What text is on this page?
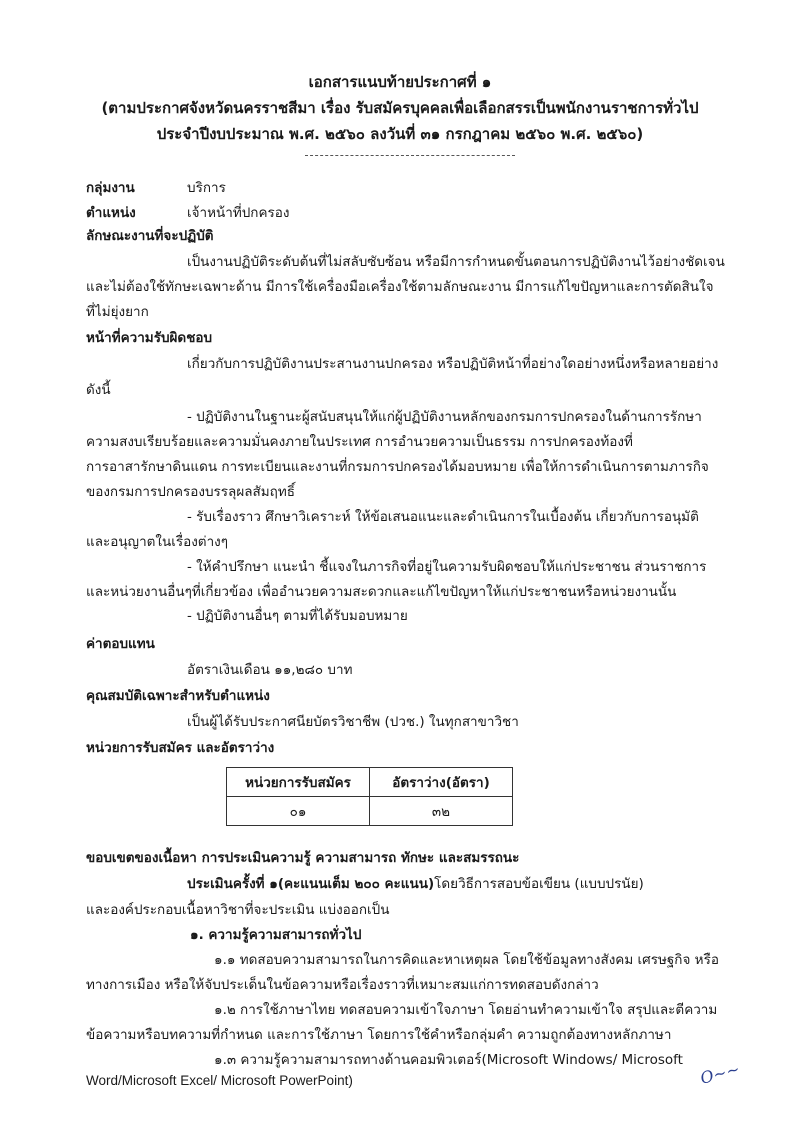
เอกสารแนบท้ายประกาศที่ ๑
(ตามประกาศจังหวัดนครราชสีมา เรื่อง รับสมัครบุคคลเพื่อเลือกสรรเป็นพนักงานราชการทั่วไป
ประจำปีงบประมาณ พ.ศ. ๒๕๖๐ ลงวันที่ ๓๑ กรกฎาคม ๒๕๖๐ พ.ศ. ๒๕๖๐)
กลุ่มงาน	บริการ
ตำแหน่ง	เจ้าหน้าที่ปกครอง
ลักษณะงานที่จะปฏิบัติ
เป็นงานปฏิบัติระดับต้นที่ไม่สลับซับซ้อน หรือมีการกำหนดขั้นตอนการปฏิบัติงานไว้อย่างชัดเจน
และไม่ต้องใช้ทักษะเฉพาะด้าน มีการใช้เครื่องมือเครื่องใช้ตามลักษณะงาน มีการแก้ไขปัญหาและการตัดสินใจ
ที่ไม่ยุ่งยาก
หน้าที่ความรับผิดชอบ
เกี่ยวกับการปฏิบัติงานประสานงานปกครอง หรือปฏิบัติหน้าที่อย่างใดอย่างหนึ่งหรือหลายอย่าง
ดังนี้
- ปฏิบัติงานในฐานะผู้สนับสนุนให้แก่ผู้ปฏิบัติงานหลักของกรมการปกครองในด้านการรักษา
ความสงบเรียบร้อยและความมั่นคงภายในประเทศ การอำนวยความเป็นธรรม การปกครองท้องที่
การอาสารักษาดินแดน การทะเบียนและงานที่กรมการปกครองได้มอบหมาย เพื่อให้การดำเนินการตามภารกิจ
ของกรมการปกครองบรรลุผลสัมฤทธิ์
- รับเรื่องราว ศึกษาวิเคราะห์ ให้ข้อเสนอแนะและดำเนินการในเบื้องต้น เกี่ยวกับการอนุมัติ
และอนุญาตในเรื่องต่างๆ
- ให้คำปรึกษา แนะนำ ชี้แจงในภารกิจที่อยู่ในความรับผิดชอบให้แก่ประชาชน ส่วนราชการ
และหน่วยงานอื่นๆที่เกี่ยวข้อง เพื่ออำนวยความสะดวกและแก้ไขปัญหาให้แก่ประชาชนหรือหน่วยงานนั้น
- ปฏิบัติงานอื่นๆ ตามที่ได้รับมอบหมาย
ค่าตอบแทน
อัตราเงินเดือน ๑๑,๒๘๐ บาท
คุณสมบัติเฉพาะสำหรับตำแหน่ง
เป็นผู้ได้รับประกาศนียบัตรวิชาชีพ (ปวช.) ในทุกสาขาวิชา
หน่วยการรับสมัคร และอัตราว่าง
หน่วยการรับสมัคร	อัตราว่าง(อัตรา)
๐๑	๓๒
ขอบเขตของเนื้อหา การประเมินความรู้ ความสามารถ ทักษะ และสมรรถนะ
ประเมินครั้งที่ ๑(คะแนนเต็ม ๒๐๐ คะแนน)โดยวิธีการสอบข้อเขียน (แบบปรนัย)
และองค์ประกอบเนื้อหาวิชาที่จะประเมิน แบ่งออกเป็น
๑. ความรู้ความสามารถทั่วไป
๑.๑ ทดสอบความสามารถในการคิดและหาเหตุผล โดยใช้ข้อมูลทางสังคม เศรษฐกิจ หรือ
ทางการเมือง หรือให้จับประเด็นในข้อความหรือเรื่องราวที่เหมาะสมแก่การทดสอบดังกล่าว
๑.๒ การใช้ภาษาไทย ทดสอบความเข้าใจภาษา โดยอ่านทำความเข้าใจ สรุปและตีความ
ข้อความหรือบทความที่กำหนด และการใช้ภาษา โดยการใช้คำหรือกลุ่มคำ ความถูกต้องทางหลักภาษา
๑.๓ ความรู้ความสามารถทางด้านคอมพิวเตอร์(Microsoft Windows/ Microsoft
Word/Microsoft Excel/ Microsoft PowerPoint)	O~~
